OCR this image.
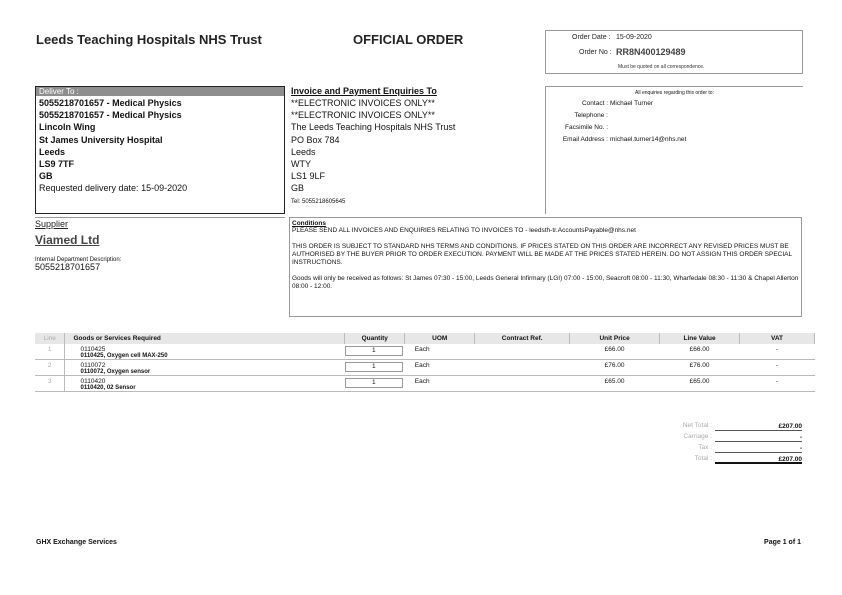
Leeds Teaching Hospitals NHS Trust	OFFICIAL ORDER	Order Date : 15-09-2020
Order No : RR8N400129489
Must be quoted on all correspondence.
Deliver To :
5055218701657 - Medical Physics
5055218701657 - Medical Physics
Lincoln Wing
St James University Hospital
Leeds
LS9 7TF
GB
Requested delivery date: 15-09-2020
Invoice and Payment Enquiries To
**ELECTRONIC INVOICES ONLY**
**ELECTRONIC INVOICES ONLY**
The Leeds Teaching Hospitals NHS Trust
PO Box 784
Leeds
WTY
LS1 9LF
GB
Tel: 5055218605645
All enquiries regarding this order to:
Contact : Michael Turner
Telephone :
Facsimile No. :
Email Address : michael.turner14@nhs.net
Supplier
Viamed Ltd
Internal Department Description:
5055218701657
Conditions
PLEASE SEND ALL INVOICES AND ENQUIRIES RELATING TO INVOICES TO - leedsth-tr.AccountsPayable@nhs.net
THIS ORDER IS SUBJECT TO STANDARD NHS TERMS AND CONDITIONS. IF PRICES STATED ON THIS ORDER ARE INCORRECT ANY REVISED PRICES MUST BE AUTHORISED BY THE BUYER PRIOR TO ORDER EXECUTION. PAYMENT WILL BE MADE AT THE PRICES STATED HEREIN. DO NOT ASSIGN THIS ORDER SPECIAL INSTRUCTIONS.
Goods will only be received as follows: St James 07:30 - 15:00, Leeds General Infirmary (LGI) 07:00 - 15:00, Seacroft 08:00 - 11:30, Wharfedale 08:30 - 11:30 & Chapel Allerton 08:00 - 12:00.
Line	Goods or Services Required	Quantity	UOM	Contract Ref.	Unit Price	Line Value	VAT
1	0110425
0110425, Oxygen cell MAX-250	1	Each		£66.00	£66.00	-
2	0110072
0110072, Oxygen sensor	1	Each		£76.00	£76.00	-
3	0110420
0110420, 02 Sensor	1	Each		£65.00	£65.00	-
Net Total :	£207.00
Carriage :	-
Tax :	-
Total :	£207.00
GHX Exchange Services	Page 1 of 1
